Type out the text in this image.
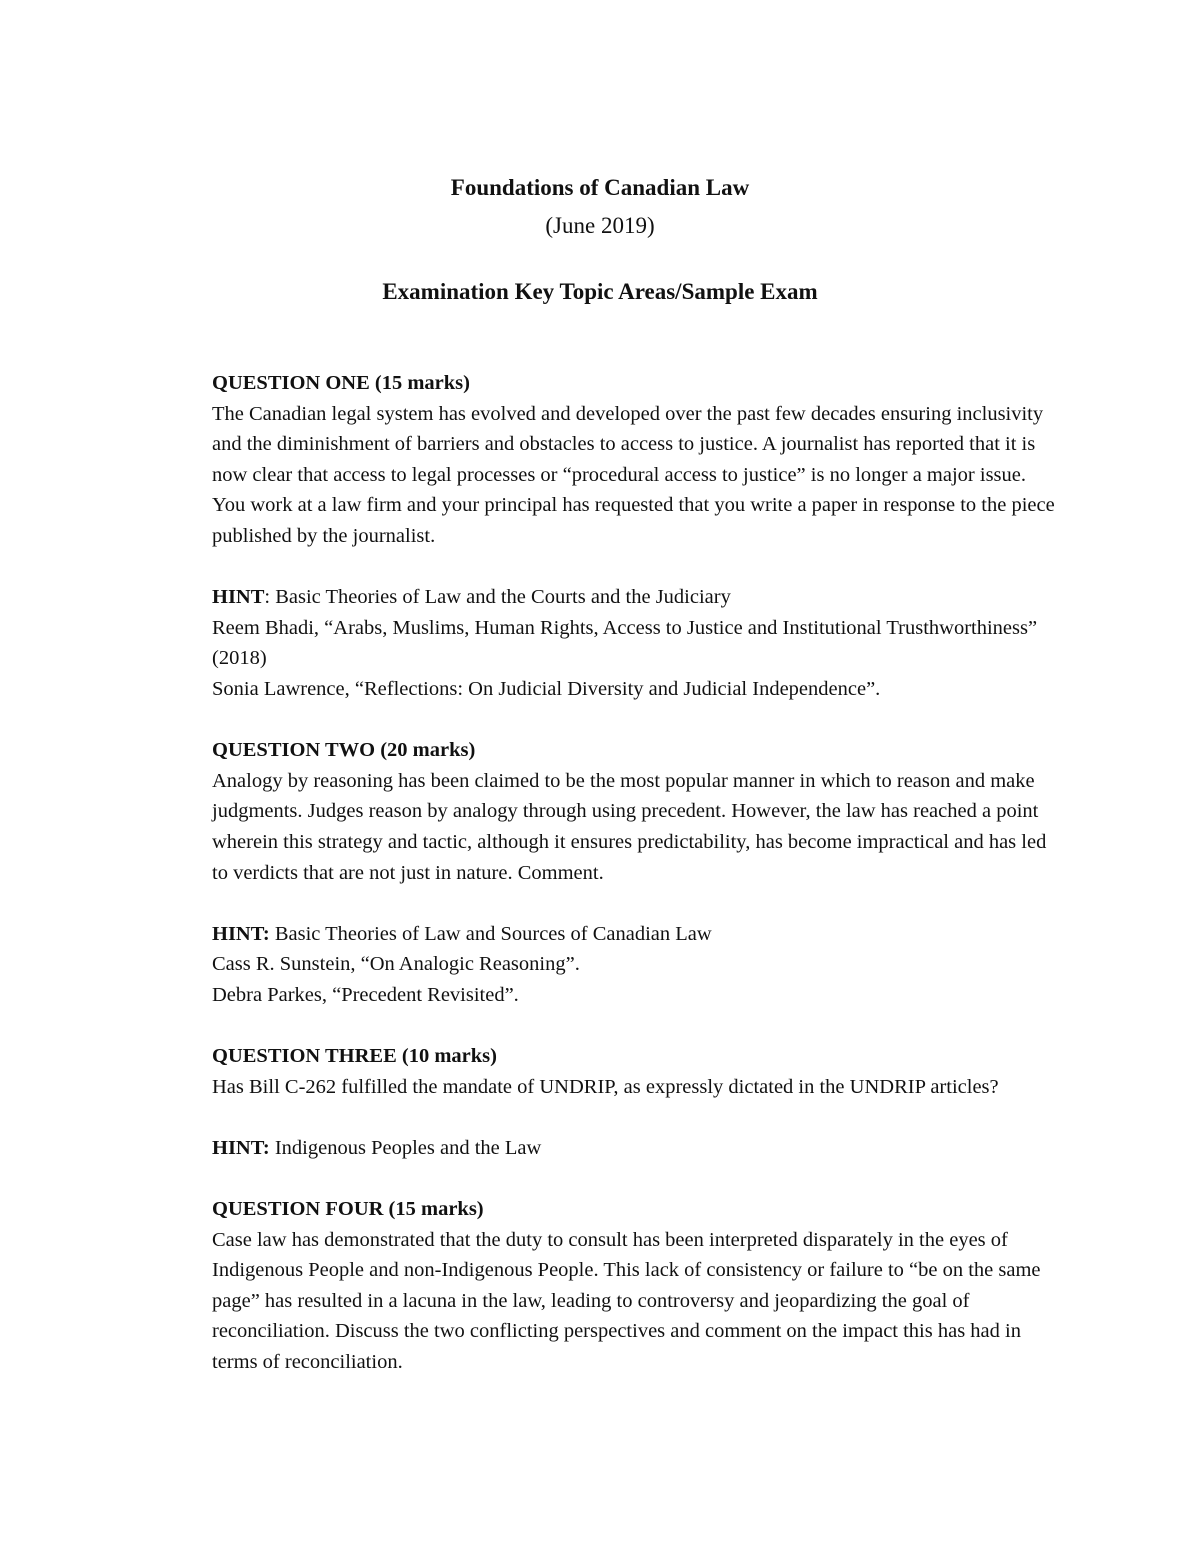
Foundations of Canadian Law
(June 2019)
Examination Key Topic Areas/Sample Exam
QUESTION ONE (15 marks)
The Canadian legal system has evolved and developed over the past few decades ensuring inclusivity and the diminishment of barriers and obstacles to access to justice. A journalist has reported that it is now clear that access to legal processes or “procedural access to justice” is no longer a major issue. You work at a law firm and your principal has requested that you write a paper in response to the piece published by the journalist.
HINT: Basic Theories of Law and the Courts and the Judiciary
Reem Bhadi, “Arabs, Muslims, Human Rights, Access to Justice and Institutional Trusthworthiness” (2018)
Sonia Lawrence, “Reflections: On Judicial Diversity and Judicial Independence”.
QUESTION TWO (20 marks)
Analogy by reasoning has been claimed to be the most popular manner in which to reason and make judgments. Judges reason by analogy through using precedent. However, the law has reached a point wherein this strategy and tactic, although it ensures predictability, has become impractical and has led to verdicts that are not just in nature. Comment.
HINT: Basic Theories of Law and Sources of Canadian Law
Cass R. Sunstein, “On Analogic Reasoning”.
Debra Parkes, “Precedent Revisited”.
QUESTION THREE (10 marks)
Has Bill C-262 fulfilled the mandate of UNDRIP, as expressly dictated in the UNDRIP articles?
HINT: Indigenous Peoples and the Law
QUESTION FOUR (15 marks)
Case law has demonstrated that the duty to consult has been interpreted disparately in the eyes of Indigenous People and non-Indigenous People. This lack of consistency or failure to “be on the same page” has resulted in a lacuna in the law, leading to controversy and jeopardizing the goal of reconciliation. Discuss the two conflicting perspectives and comment on the impact this has had in terms of reconciliation.
